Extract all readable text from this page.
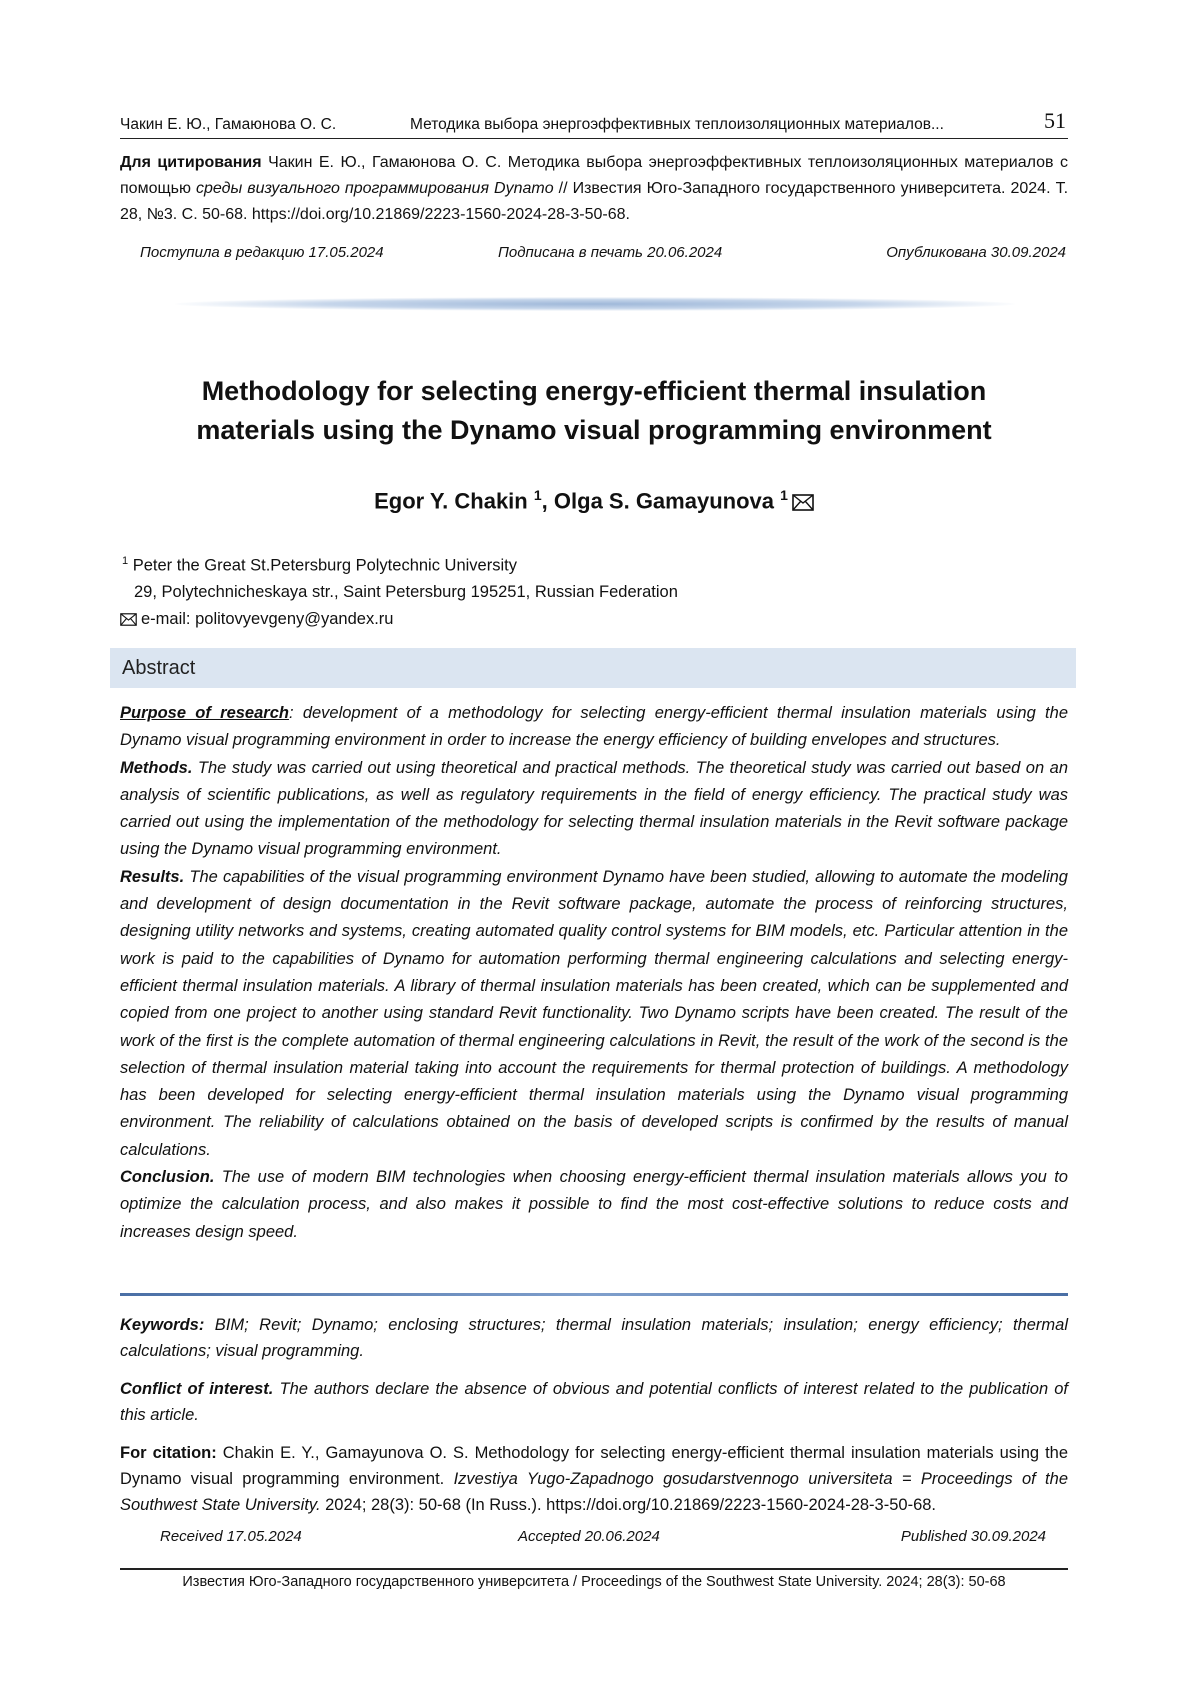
Чакин Е. Ю., Гамаюнова О. С.	Методика выбора энергоэффективных теплоизоляционных материалов...	51
Для цитирования Чакин Е. Ю., Гамаюнова О. С. Методика выбора энергоэффективных теплоизоляционных материалов с помощью среды визуального программирования Dynamo // Известия Юго-Западного государственного университета. 2024. Т. 28, №3. С. 50-68. https://doi.org/10.21869/2223-1560-2024-28-3-50-68.
Поступила в редакцию 17.05.2024	Подписана в печать 20.06.2024	Опубликована 30.09.2024
Methodology for selecting energy-efficient thermal insulation
materials using the Dynamo visual programming environment
Egor Y. Chakin $^1$, Olga S. Gamayunova $^1$
$^1$ Peter the Great St.Petersburg Polytechnic University
29, Polytechnicheskaya str., Saint Petersburg 195251, Russian Federation
e-mail: politovyevgeny@yandex.ru
Abstract

Purpose of research: development of a methodology for selecting energy-efficient thermal insulation materials using the Dynamo visual programming environment in order to increase the energy efficiency of building envelopes and structures.

Methods. The study was carried out using theoretical and practical methods. The theoretical study was carried out based on an analysis of scientific publications, as well as regulatory requirements in the field of energy efficiency. The practical study was carried out using the implementation of the methodology for selecting thermal insulation materials in the Revit software package using the Dynamo visual programming environment.

Results. The capabilities of the visual programming environment Dynamo have been studied, allowing to automate the modeling and development of design documentation in the Revit software package, automate the process of reinforcing structures, designing utility networks and systems, creating automated quality control systems for BIM models, etc. Particular attention in the work is paid to the capabilities of Dynamo for automation performing thermal engineering calculations and selecting energy-efficient thermal insulation materials. A library of thermal insulation materials has been created, which can be supplemented and copied from one project to another using standard Revit functionality. Two Dynamo scripts have been created. The result of the work of the first is the complete automation of thermal engineering calculations in Revit, the result of the work of the second is the selection of thermal insulation material taking into account the requirements for thermal protection of buildings. A methodology has been developed for selecting energy-efficient thermal insulation materials using the Dynamo visual programming environment. The reliability of calculations obtained on the basis of developed scripts is confirmed by the results of manual calculations.

Conclusion. The use of modern BIM technologies when choosing energy-efficient thermal insulation materials allows you to optimize the calculation process, and also makes it possible to find the most cost-effective solutions to reduce costs and increases design speed.

Keywords: BIM; Revit; Dynamo; enclosing structures; thermal insulation materials; insulation; energy efficiency; thermal calculations; visual programming.
Conflict of interest. The authors declare the absence of obvious and potential conflicts of interest related to the publication of this article.
For citation: Chakin E. Y., Gamayunova O. S. Methodology for selecting energy-efficient thermal insulation materials using the Dynamo visual programming environment. Izvestiya Yugo-Zapadnogo gosudarstvennogo universiteta = Proceedings of the Southwest State University. 2024; 28(3): 50-68 (In Russ.). https://doi.org/10.21869/2223-1560-2024-28-3-50-68.
Received 17.05.2024	Accepted 20.06.2024	Published 30.09.2024
Известия Юго-Западного государственного университета / Proceedings of the Southwest State University. 2024; 28(3): 50-68
